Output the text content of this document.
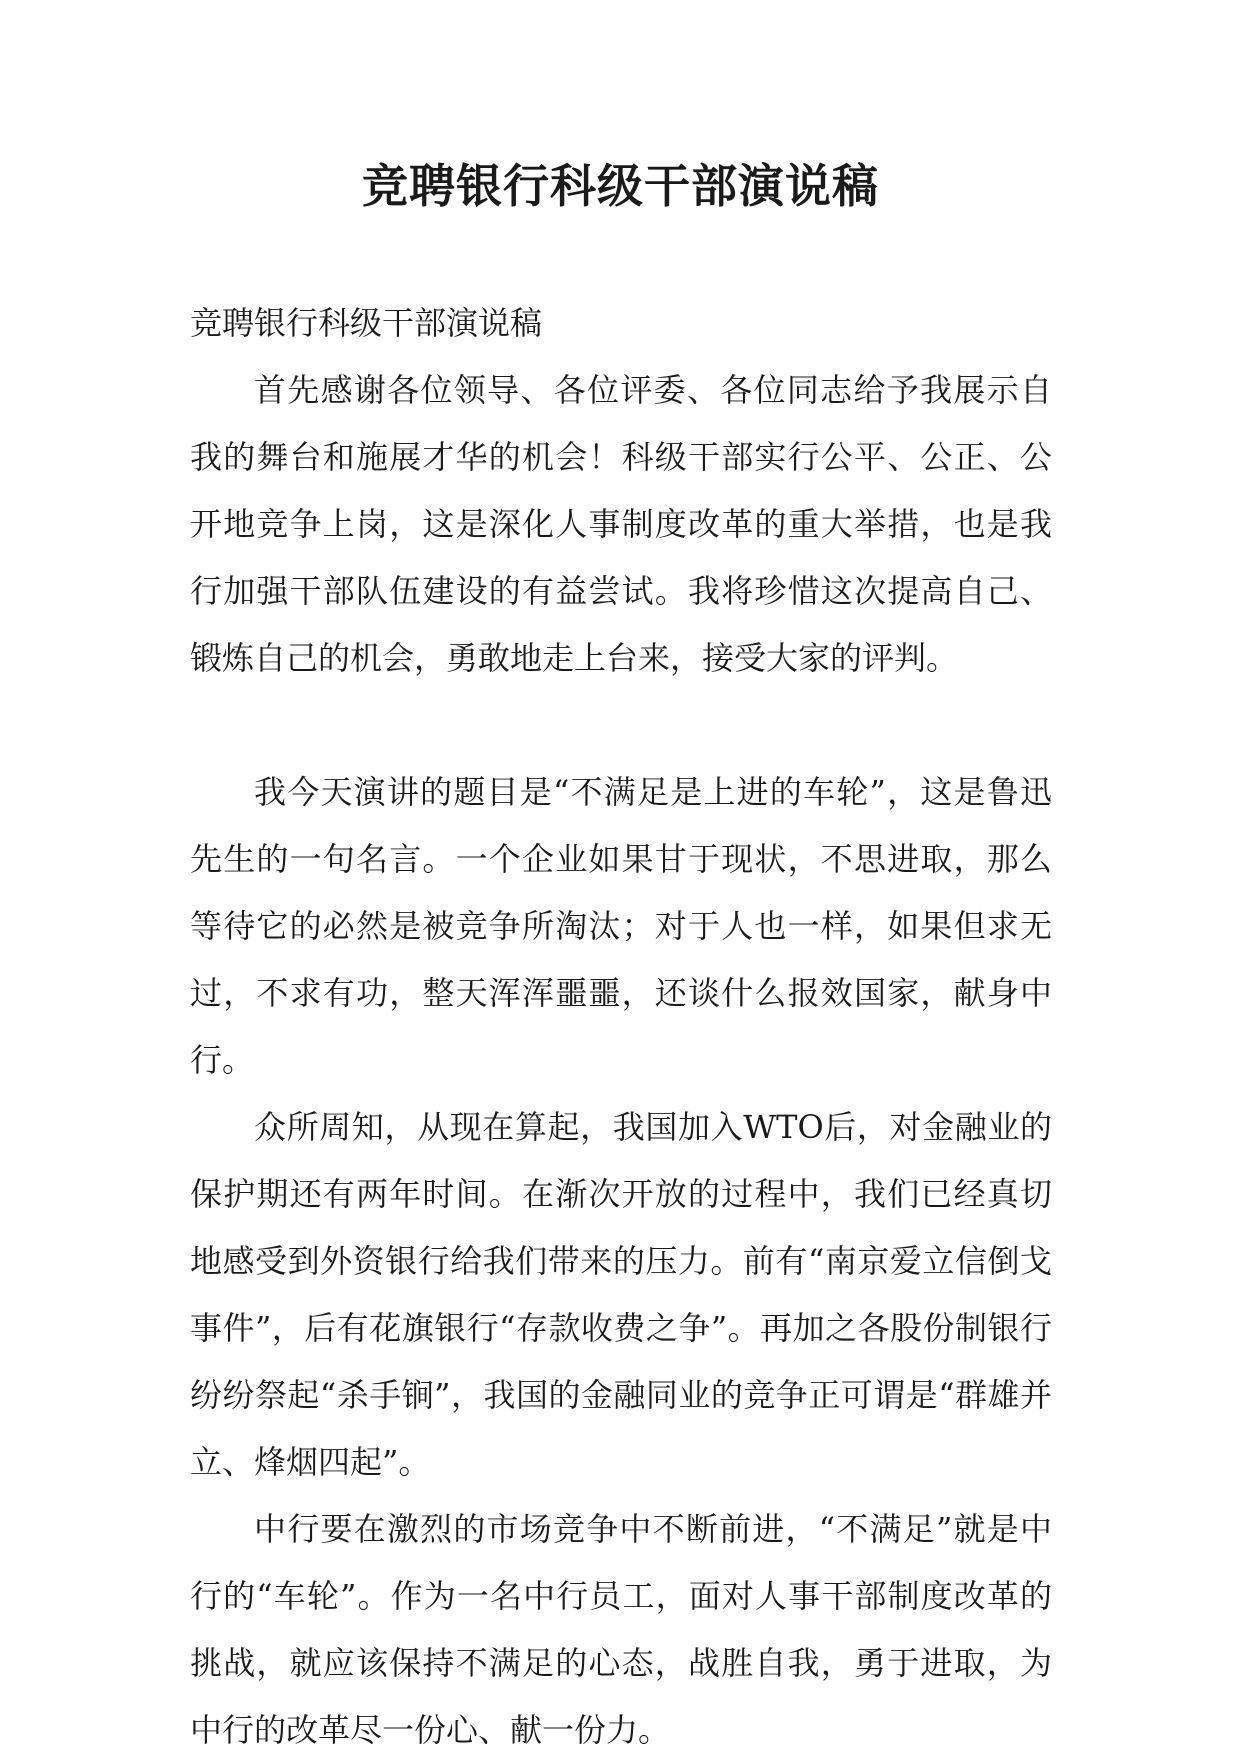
竞聘银行科级干部演说稿
竞聘银行科级干部演说稿

首先感谢各位领导、各位评委、各位同志给予我展示自我的舞台和施展才华的机会！科级干部实行公平、公正、公开地竞争上岗，这是深化人事制度改革的重大举措，也是我行加强干部队伍建设的有益尝试。我将珍惜这次提高自己、锻炼自己的机会，勇敢地走上台来，接受大家的评判。

我今天演讲的题目是“不满足是上进的车轮”，这是鲁迅先生的一句名言。一个企业如果甘于现状，不思进取，那么等待它的必然是被竞争所淘汰；对于人也一样，如果但求无过，不求有功，整天浑浑噩噩，还谈什么报效国家，献身中行。

众所周知，从现在算起，我国加入WTO后，对金融业的保护期还有两年时间。在渐次开放的过程中，我们已经真切地感受到外资银行给我们带来的压力。前有“南京爱立信倒戈事件”，后有花旗银行“存款收费之争”。再加之各股份制银行纷纷祭起“杀手锏”，我国的金融同业的竞争正可谓是“群雄并立、烽烟四起”。

中行要在激烈的市场竞争中不断前进，“不满足”就是中行的“车轮”。作为一名中行员工，面对人事干部制度改革的挑战，就应该保持不满足的心态，战胜自我，勇于进取，为中行的改革尽一份心、献一份力。
